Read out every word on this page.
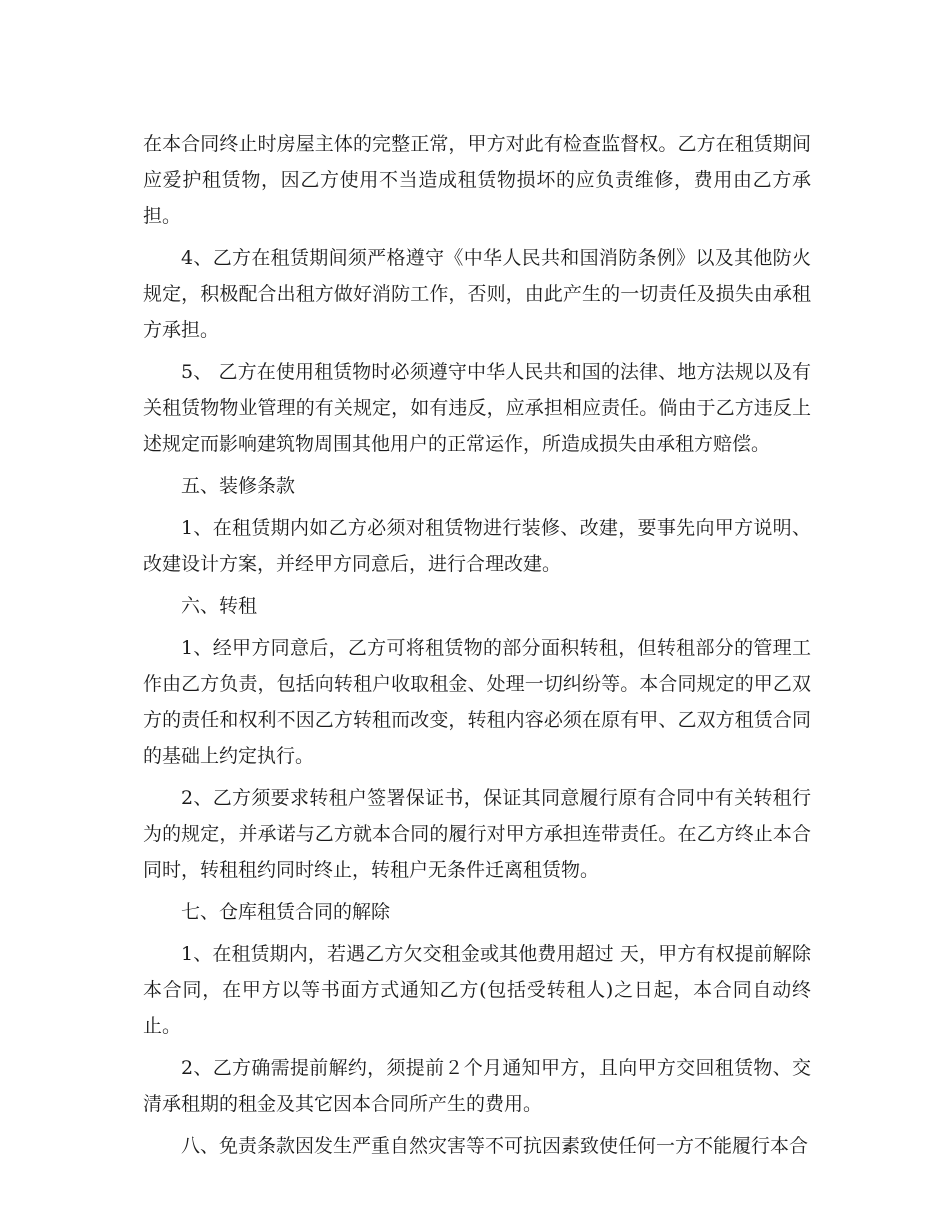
在本合同终止时房屋主体的完整正常，甲方对此有检查监督权。乙方在租赁期间应爱护租赁物，因乙方使用不当造成租赁物损坏的应负责维修，费用由乙方承担。

4、乙方在租赁期间须严格遵守《中华人民共和国消防条例》以及其他防火规定，积极配合出租方做好消防工作，否则，由此产生的一切责任及损失由承租方承担。

5、 乙方在使用租赁物时必须遵守中华人民共和国的法律、地方法规以及有关租赁物物业管理的有关规定，如有违反，应承担相应责任。倘由于乙方违反上述规定而影响建筑物周围其他用户的正常运作，所造成损失由承租方赔偿。

五、装修条款

1、在租赁期内如乙方必须对租赁物进行装修、改建，要事先向甲方说明、改建设计方案，并经甲方同意后，进行合理改建。

六、转租

1、经甲方同意后，乙方可将租赁物的部分面积转租，但转租部分的管理工作由乙方负责，包括向转租户收取租金、处理一切纠纷等。本合同规定的甲乙双方的责任和权利不因乙方转租而改变，转租内容必须在原有甲、乙双方租赁合同的基础上约定执行。

2、乙方须要求转租户签署保证书，保证其同意履行原有合同中有关转租行为的规定，并承诺与乙方就本合同的履行对甲方承担连带责任。在乙方终止本合同时，转租租约同时终止，转租户无条件迁离租赁物。

七、仓库租赁合同的解除

1、在租赁期内，若遇乙方欠交租金或其他费用超过 天，甲方有权提前解除本合同，在甲方以等书面方式通知乙方(包括受转租人)之日起，本合同自动终止。

2、乙方确需提前解约，须提前２个月通知甲方，且向甲方交回租赁物、交清承租期的租金及其它因本合同所产生的费用。

八、免责条款因发生严重自然灾害等不可抗因素致使任何一方不能履行本合
